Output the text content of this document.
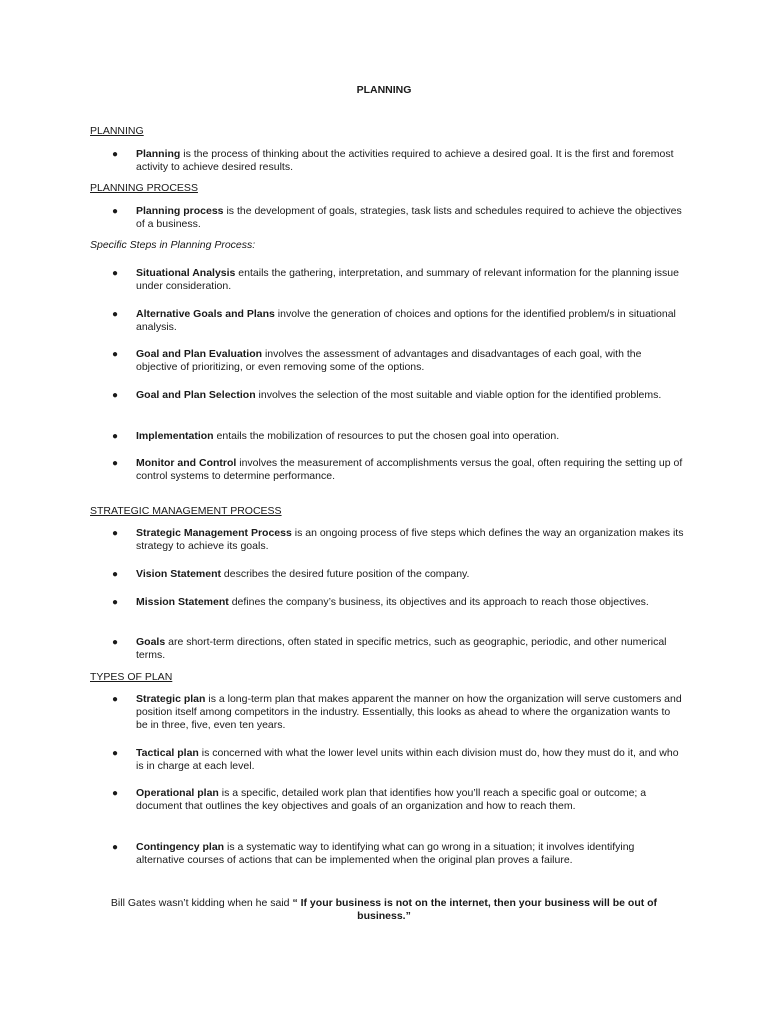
PLANNING
PLANNING
● Planning is the process of thinking about the activities required to achieve a desired goal. It is the first and foremost activity to achieve desired results.
PLANNING PROCESS
● Planning process is the development of goals, strategies, task lists and schedules required to achieve the objectives of a business.
Specific Steps in Planning Process:
● Situational Analysis entails the gathering, interpretation, and summary of relevant information for the planning issue under consideration.
● Alternative Goals and Plans involve the generation of choices and options for the identified problem/s in situational analysis.
● Goal and Plan Evaluation involves the assessment of advantages and disadvantages of each goal, with the objective of prioritizing, or even removing some of the options.
● Goal and Plan Selection involves the selection of the most suitable and viable option for the identified problems.
● Implementation entails the mobilization of resources to put the chosen goal into operation.
● Monitor and Control involves the measurement of accomplishments versus the goal, often requiring the setting up of control systems to determine performance.
STRATEGIC MANAGEMENT PROCESS
● Strategic Management Process is an ongoing process of five steps which defines the way an organization makes its strategy to achieve its goals.
● Vision Statement describes the desired future position of the company.
● Mission Statement defines the company’s business, its objectives and its approach to reach those objectives.
● Goals are short-term directions, often stated in specific metrics, such as geographic, periodic, and other numerical terms.
TYPES OF PLAN
● Strategic plan is a long-term plan that makes apparent the manner on how the organization will serve customers and position itself among competitors in the industry. Essentially, this looks as ahead to where the organization wants to be in three, five, even ten years.
● Tactical plan is concerned with what the lower level units within each division must do, how they must do it, and who is in charge at each level.
● Operational plan is a specific, detailed work plan that identifies how you’ll reach a specific goal or outcome; a document that outlines the key objectives and goals of an organization and how to reach them.
● Contingency plan is a systematic way to identifying what can go wrong in a situation; it involves identifying alternative courses of actions that can be implemented when the original plan proves a failure.
Bill Gates wasn’t kidding when he said “ If your business is not on the internet, then your business will be out of business.”
